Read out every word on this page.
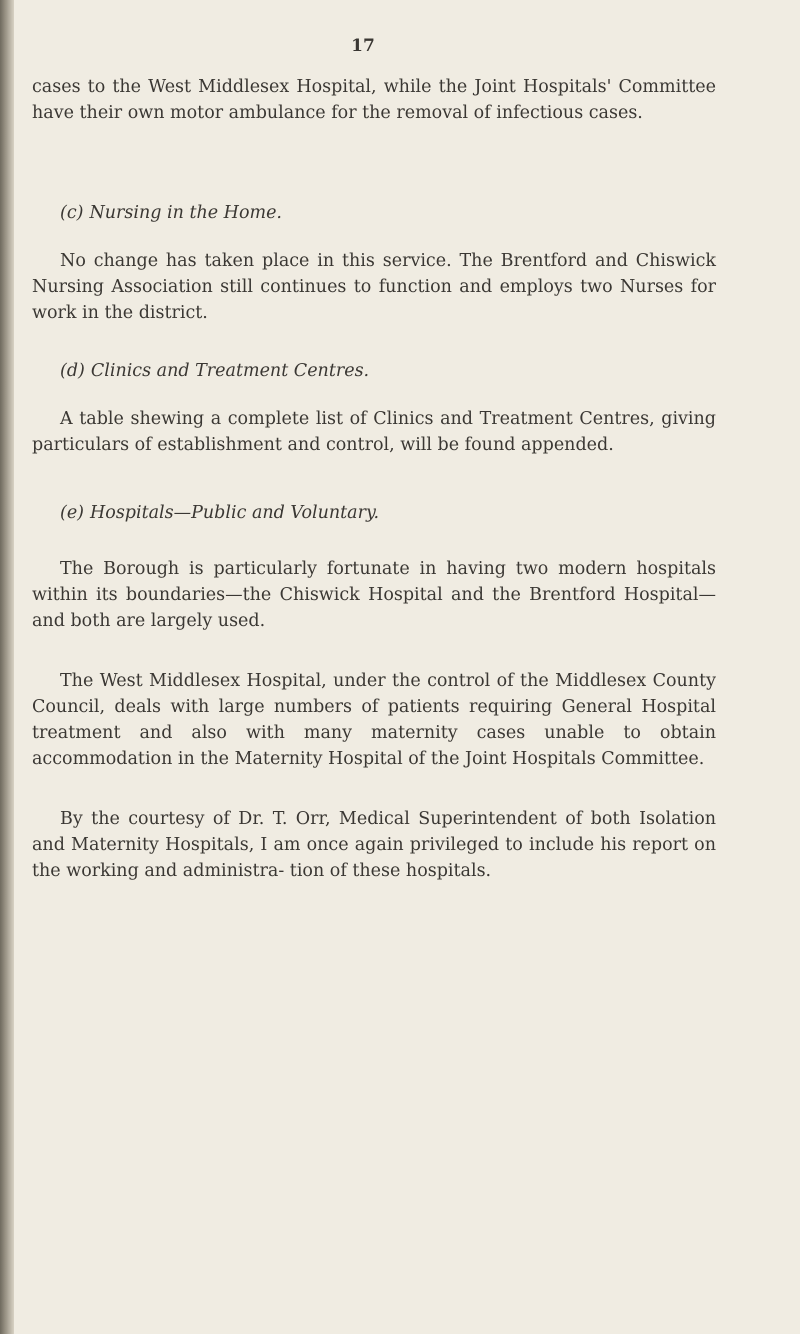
17

cases to the West Middlesex Hospital, while the Joint Hospitals' Committee have their own motor ambulance for the removal of infectious cases.

(c) Nursing in the Home.

No change has taken place in this service. The Brentford and Chiswick Nursing Association still continues to function and employs two Nurses for work in the district.

(d) Clinics and Treatment Centres.

A table shewing a complete list of Clinics and Treatment Centres, giving particulars of establishment and control, will be found appended.

(e) Hospitals—Public and Voluntary.

The Borough is particularly fortunate in having two modern hospitals within its boundaries—the Chiswick Hospital and the Brentford Hospital—and both are largely used.

The West Middlesex Hospital, under the control of the Middlesex County Council, deals with large numbers of patients requiring General Hospital treatment and also with many maternity cases unable to obtain accommodation in the Maternity Hospital of the Joint Hospitals Committee.

By the courtesy of Dr. T. Orr, Medical Superintendent of both Isolation and Maternity Hospitals, I am once again privileged to include his report on the working and administra- tion of these hospitals.
